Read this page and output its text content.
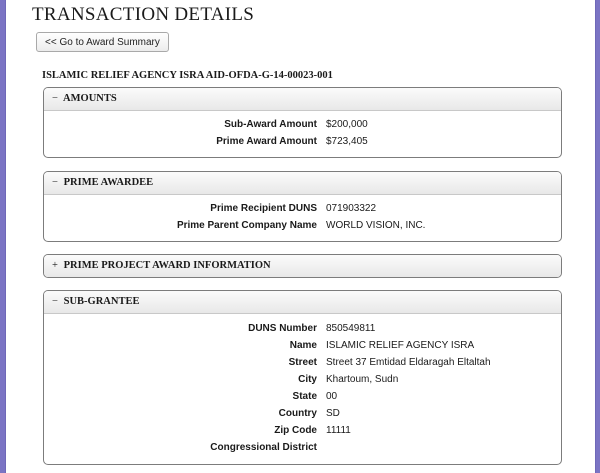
TRANSACTION DETAILS
<< Go to Award Summary
ISLAMIC RELIEF AGENCY ISRA AID-OFDA-G-14-00023-001
− AMOUNTS
Sub-Award Amount $200,000
Prime Award Amount $723,405
− PRIME AWARDEE
Prime Recipient DUNS 071903322
Prime Parent Company Name WORLD VISION, INC.
+ PRIME PROJECT AWARD INFORMATION
− SUB-GRANTEE
DUNS Number 850549811
Name ISLAMIC RELIEF AGENCY ISRA
Street Street 37 Emtidad Eldaragah Eltaltah
City Khartoum, Sudn
State 00
Country SD
Zip Code 11111
Congressional District
